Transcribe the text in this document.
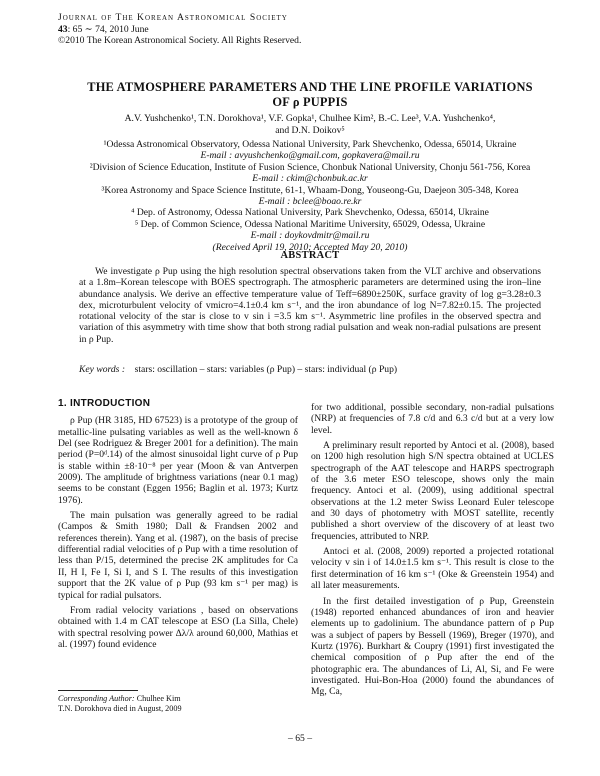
Journal of The Korean Astronomical Society
43: 65 ∼ 74, 2010 June
©2010 The Korean Astronomical Society. All Rights Reserved.
THE ATMOSPHERE PARAMETERS AND THE LINE PROFILE VARIATIONS
OF ρ PUPPIS
A.V. Yushchenko¹, T.N. Dorokhova¹, V.F. Gopka¹, Chulhee Kim², B.-C. Lee³, V.A. Yushchenko⁴,
and D.N. Doikov⁵
¹Odessa Astronomical Observatory, Odessa National University, Park Shevchenko, Odessa, 65014, Ukraine
E-mail : avyushchenko@gmail.com, gopkavera@mail.ru
²Division of Science Education, Institute of Fusion Science, Chonbuk National University, Chonju 561-756, Korea
E-mail : ckim@chonbuk.ac.kr
³Korea Astronomy and Space Science Institute, 61-1, Whaam-Dong, Youseong-Gu, Daejeon 305-348, Korea
E-mail : bclee@boao.re.kr
⁴ Dep. of Astronomy, Odessa National University, Park Shevchenko, Odessa, 65014, Ukraine
⁵ Dep. of Common Science, Odessa National Maritime University, 65029, Odessa, Ukraine
E-mail : doykovdmitr@mail.ru
(Received April 19, 2010; Accepted May 20, 2010)
ABSTRACT
We investigate ρ Pup using the high resolution spectral observations taken from the VLT archive and observations at a 1.8m–Korean telescope with BOES spectrograph. The atmospheric parameters are determined using the iron–line abundance analysis. We derive an effective temperature value of Teff=6890±250K, surface gravity of log g=3.28±0.3 dex, microturbulent velocity of vmicro=4.1±0.4 km s⁻¹, and the iron abundance of log N=7.82±0.15. The projected rotational velocity of the star is close to v sin i =3.5 km s⁻¹. Asymmetric line profiles in the observed spectra and variation of this asymmetry with time show that both strong radial pulsation and weak non-radial pulsations are present in ρ Pup.
Key words : stars: oscillation – stars: variables (ρ Pup) – stars: individual (ρ Pup)
1. INTRODUCTION

ρ Pup (HR 3185, HD 67523) is a prototype of the group of metallic-line pulsating variables as well as the well-known δ Del (see Rodriguez & Breger 2001 for a definition). The main period (P=0ᵈ.14) of the almost sinusoidal light curve of ρ Pup is stable within ±8·10⁻⁸ per year (Moon & van Antverpen 2009). The amplitude of brightness variations (near 0.1 mag) seems to be constant (Eggen 1956; Baglin et al. 1973; Kurtz 1976).

The main pulsation was generally agreed to be radial (Campos & Smith 1980; Dall & Frandsen 2002 and references therein). Yang et al. (1987), on the basis of precise differential radial velocities of ρ Pup with a time resolution of less than P/15, determined the precise 2K amplitudes for Ca II, H I, Fe I, Si I, and S I. The results of this investigation support that the 2K value of ρ Pup (93 km s⁻¹ per mag) is typical for radial pulsators.

From radial velocity variations , based on observations obtained with 1.4 m CAT telescope at ESO (La Silla, Chele) with spectral resolving power Δλ/λ around 60,000, Mathias et al. (1997) found evidence

for two additional, possible secondary, non-radial pulsations (NRP) at frequencies of 7.8 c/d and 6.3 c/d but at a very low level.

A preliminary result reported by Antoci et al. (2008), based on 1200 high resolution high S/N spectra obtained at UCLES spectrograph of the AAT telescope and HARPS spectrograph of the 3.6 meter ESO telescope, shows only the main frequency. Antoci et al. (2009), using additional spectral observations at the 1.2 meter Swiss Leonard Euler telescope and 30 days of photometry with MOST satellite, recently published a short overview of the discovery of at least two frequencies, attributed to NRP.

Antoci et al. (2008, 2009) reported a projected rotational velocity v sin i of 14.0±1.5 km s⁻¹. This result is close to the first determination of 16 km s⁻¹ (Oke & Greenstein 1954) and all later measurements.

In the first detailed investigation of ρ Pup, Greenstein (1948) reported enhanced abundances of iron and heavier elements up to gadolinium. The abundance pattern of ρ Pup was a subject of papers by Bessell (1969), Breger (1970), and Kurtz (1976). Burkhart & Coupry (1991) first investigated the chemical composition of ρ Pup after the end of the photographic era. The abundances of Li, Al, Si, and Fe were investigated. Hui-Bon-Hoa (2000) found the abundances of Mg, Ca,

Corresponding Author: Chulhee Kim
T.N. Dorokhova died in August, 2009
– 65 –
